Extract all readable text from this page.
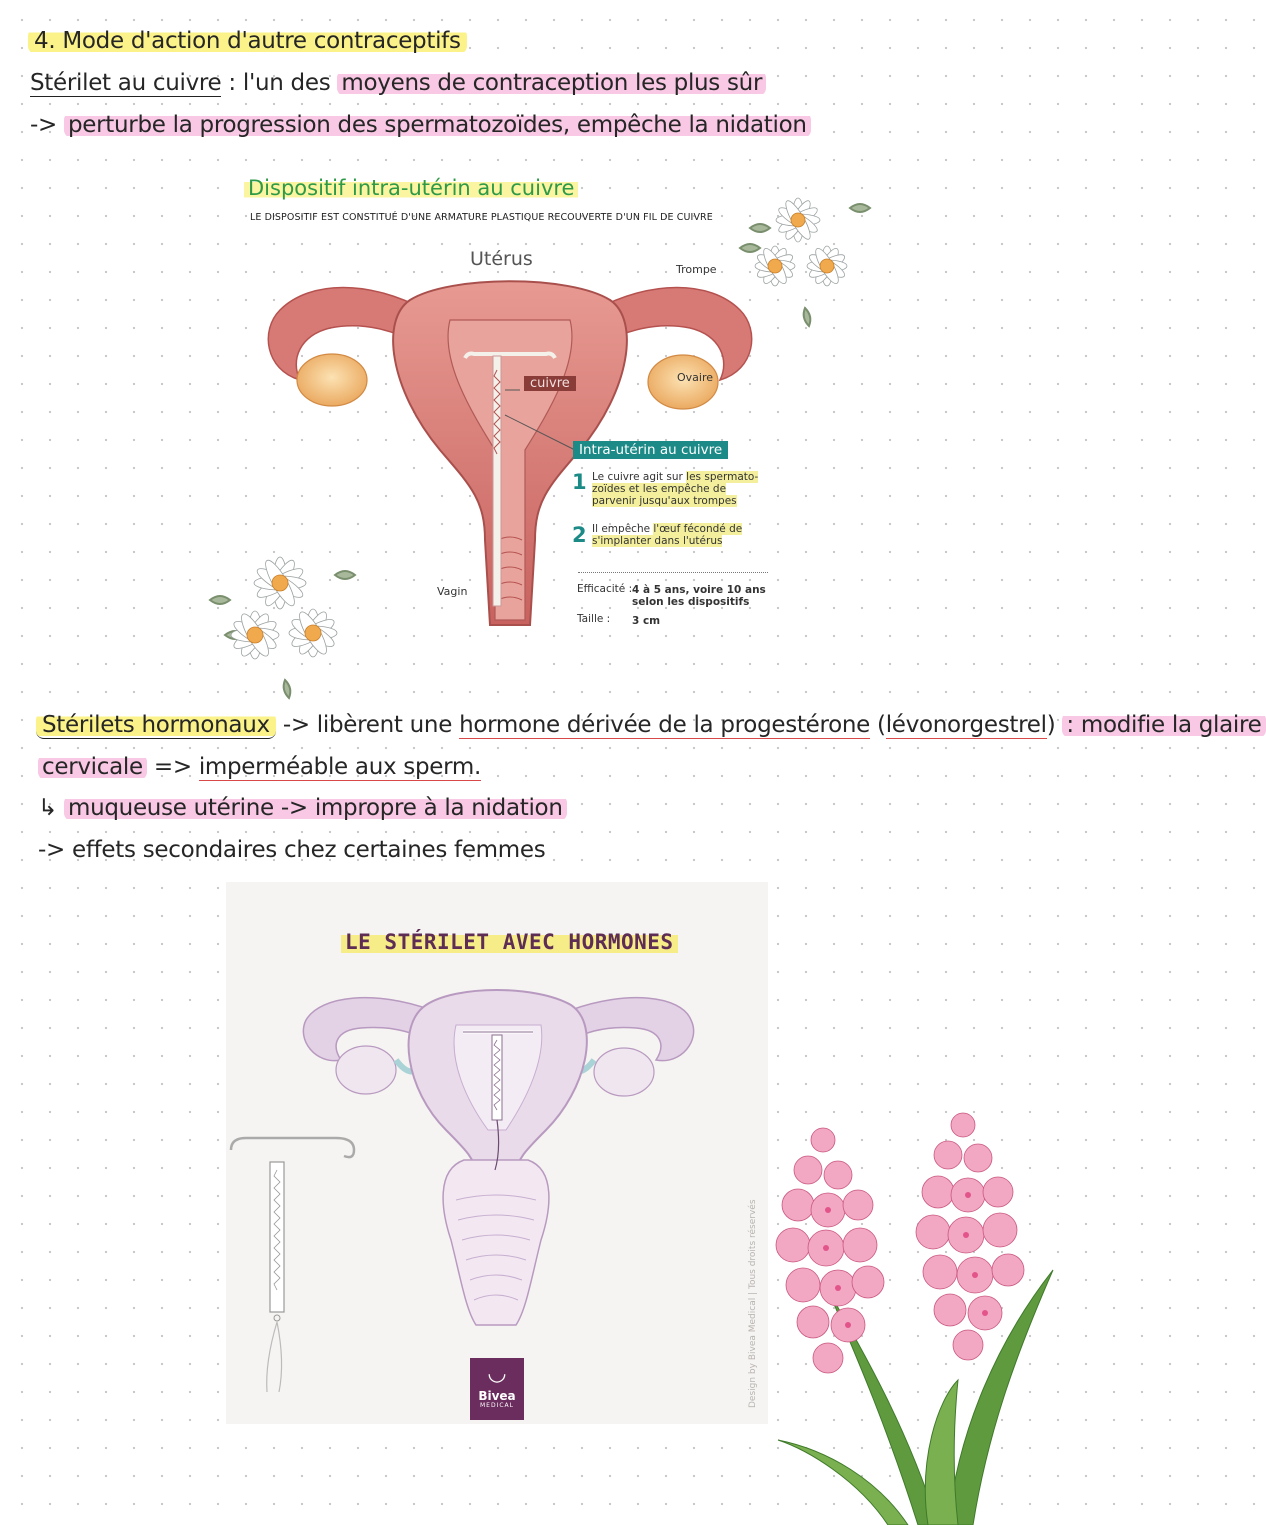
4. Mode d'action d'autre contraceptifs
Stérilet au cuivre : l'un des moyens de contraception les plus sûr
-> perturbe la progression des spermatozoïdes, empêche la nidation
Dispositif intra-utérin au cuivre
LE DISPOSITIF EST CONSTITUÉ D'UNE ARMATURE PLASTIQUE RECOUVERTE D'UN FIL DE CUIVRE
Utérus	Trompe
Ovaire
cuivre
Intra-utérin au cuivre
Vagin
1 Le cuivre agit sur les spermato-zoïdes et les empêche de parvenir jusqu'aux trompes
2 Il empêche l'œuf fécondé de s'implanter dans l'utérus
Efficacité : 4 à 5 ans, voire 10 ans selon les dispositifs
Taille : 3 cm
Stérilets hormonaux -> libèrent une hormone dérivée de la progestérone (lévonorgestrel) : modifie la glaire
cervicale => imperméable aux sperm.
↳ muqueuse utérine -> impropre à la nidation
-> effets secondaires chez certaines femmes
LE STÉRILET AVEC HORMONES
◡
Bivea
MEDICAL	Design by Bivea Medical | Tous droits réservés
